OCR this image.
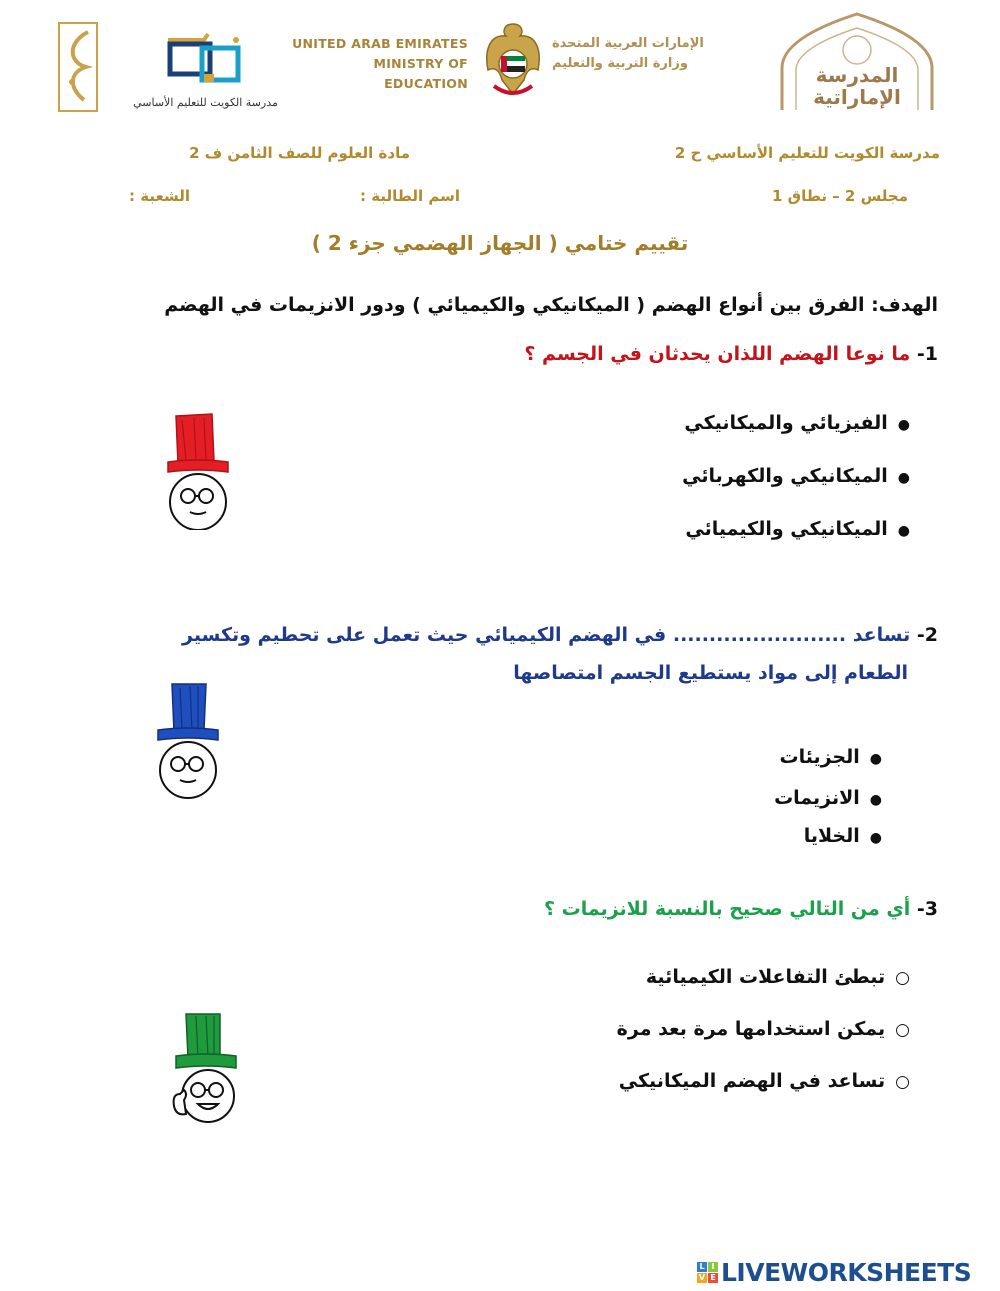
مدرسة الكويت للتعليم الأساسي
UNITED ARAB EMIRATES
MINISTRY OF EDUCATION
الإمارات العربية المتحدة
وزارة التربية والتعليم	المدرسة الإماراتية
مدرسة الكويت للتعليم الأساسي ح 2
مادة العلوم للصف الثامن ف 2
مجلس 2 – نطاق 1
اسم الطالبة :
الشعبة :
تقييم ختامي ( الجهاز الهضمي جزء 2 )
الهدف: الفرق بين أنواع الهضم ( الميكانيكي والكيميائي ) ودور الانزيمات في الهضم
1- ما نوعا الهضم اللذان يحدثان في الجسم ؟
●الفيزيائي والميكانيكي
●الميكانيكي والكهربائي
●الميكانيكي والكيميائي
2- تساعد ........................ في الهضم الكيميائي حيث تعمل على تحطيم وتكسير
الطعام إلى مواد يستطيع الجسم امتصاصها
●الجزيئات
●الانزيمات
●الخلايا
3- أي من التالي صحيح بالنسبة للانزيمات ؟
○تبطئ التفاعلات الكيميائية
○يمكن استخدامها مرة بعد مرة
○تساعد في الهضم الميكانيكي
L I
V E LIVEWORKSHEETS
